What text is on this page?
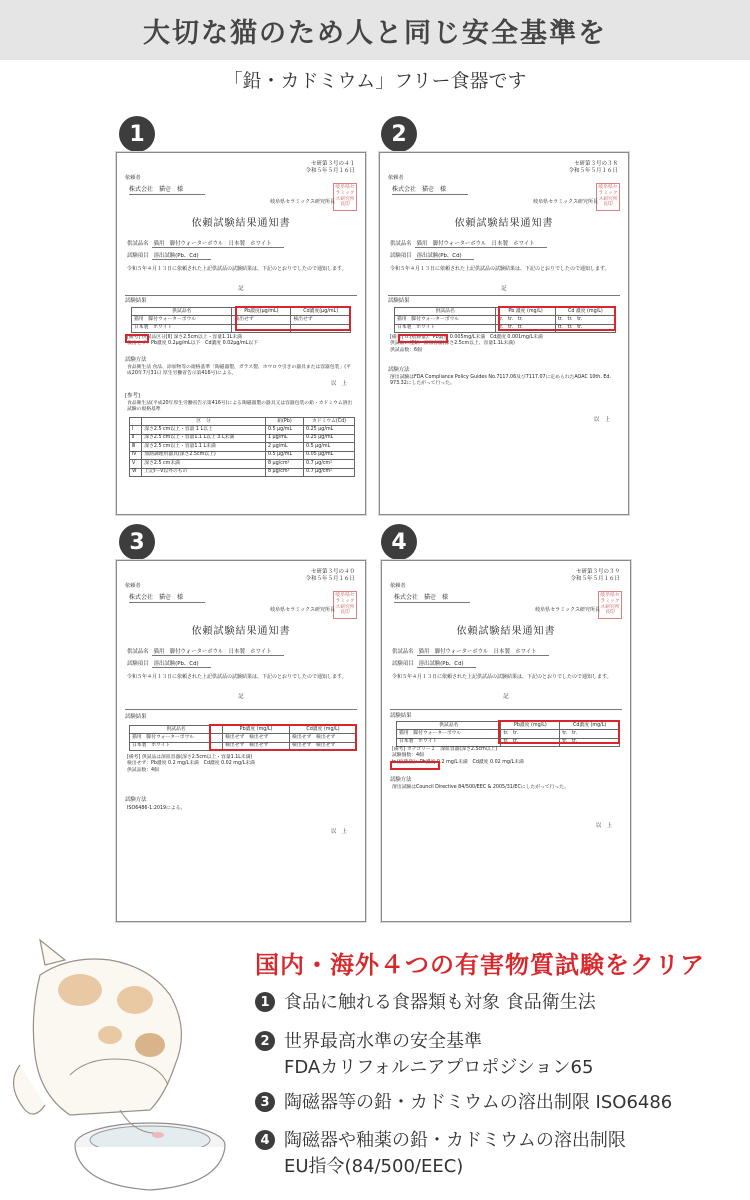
大切な猫のため人と同じ安全基準を
「鉛・カドミウム」フリー食器です
1	2
3	4
セ研第３号の４１
令和５年５月１６日
依頼者
株式会社　猫壱　様	岐阜県セラミックス研究所長印
岐阜県セラミックス研究所長
依頼試験結果通知書
供試品名 猫用　脚付ウォーターボウル　日本製　ホワイト
試験項目 溶出試験(Pb、Cd)
令和５年４月１３日に依頼された上記供試品の試験結果は、下記のとおりでしたので通知します。
記
試験結果
供試品名	Pb濃度(μg/mL)	Cd濃度(μg/mL)
猫用　脚付ウォーターボウル	検出せず	検出せず
日本製　ホワイト		
[備考] 供試品区分[Ⅱ] 深さ2.5cm以上・容量1.1L未満
検出せず：Pb濃度 0.2μg/mL以下　Cd濃度 0.02μg/mL以下
試験方法
食品衛生法 食品、添加物等の規格基準「陶磁器製、ガラス製、ホウロウ引きの器具または容器包装」(平成20年7月31日 厚生労働省告示第416号)による。
以　上
[参考]
食品衛生法(平成20年厚生労働省告示第416号)による陶磁器製の器具又は容器包装の鉛・カドミウム溶出試験の規格基準
	区　分	鉛(Pb)	カドミウム(Cd)
Ⅰ	深さ2.5 cm以上・容量 1 L以上	0.5 μg/mL	0.25 μg/mL
Ⅱ	深さ2.5 cm以上・容量1.1 L以上 3 L未満	1 μg/mL	0.25 μg/mL
Ⅲ	深さ2.5 cm以上・容量1.1 L未満	2 μg/mL	0.5 μg/mL
Ⅳ	加熱調理用器具(深さ2.5cm以上)	0.5 μg/mL	0.05 μg/mL
Ⅴ	深さ2.5 cm未満	8 μg/cm²	0.7 μg/cm²
Ⅵ	上記Ⅰ〜Ⅴ以外のもの	8 μg/cm²	0.7 μg/cm²
セ研第３号の３８
令和５年５月１６日
依頼者
株式会社　猫壱　様	岐阜県セラミックス研究所長印
岐阜県セラミックス研究所長
依頼試験結果通知書
供試品名 猫用　脚付ウォーターボウル　日本製　ホワイト
試験項目 溶出試験(Pb、Cd)
令和５年４月１３日に依頼された上記供試品の試験結果は、下記のとおりでしたので通知します。
記
試験結果
供試品名	Pb 濃度 (mg/L)	Cd 濃度 (mg/L)
猫用　脚付ウォーターボウル	tr.　tr.　tr.	tr.　tr.　tr.
日本製　ホワイト	tr.　tr.　tr.	tr.　tr.　tr.
[備考] tr.(痕跡量)：Pb濃度 0.005mg/L未満　Cd濃度 0.001mg/L未満
供試品の種類：深皿容器(深さ2.5cm以上、容量1.1L未満)
供試品数：6個
試験方法
溶出試験はFDA Compliance Policy Guides No.7117.06及び7117.07に定められたAOAC 10th. Ed. 973.32にしたがって行った。
以　上
セ研第３号の４０
令和５年５月１６日
依頼者
株式会社　猫壱　様	岐阜県セラミックス研究所長印
岐阜県セラミックス研究所長
依頼試験結果通知書
供試品名 猫用　脚付ウォーターボウル　日本製　ホワイト
試験項目 溶出試験(Pb、Cd)
令和５年４月１３日に依頼された上記供試品の試験結果は、下記のとおりでしたので通知します。
記
試験結果
供試品名	Pb濃度 (mg/L)	Cd濃度 (mg/L)
猫用　脚付ウォーターボウル	検出せず　検出せず	検出せず　検出せず
日本製　ホワイト	検出せず　検出せず	検出せず　検出せず
[備考] 供試品は深皿容器(深さ2.5cm以上・容量1.1L未満)
検出せず：Pb濃度 0.2 mg/L未満　Cd濃度 0.02 mg/L未満
供試品数：4個
試験方法
ISO6486-1:2019による。
以　上
セ研第３号の３９
令和５年５月１６日
依頼者
株式会社　猫壱　様	岐阜県セラミックス研究所長印
岐阜県セラミックス研究所長
依頼試験結果通知書
供試品名 猫用　脚付ウォーターボウル　日本製　ホワイト
試験項目 溶出試験(Pb、Cd)
令和５年４月１３日に依頼された上記供試品の試験結果は、下記のとおりでしたので通知します。
記
試験結果
供試品名	Pb濃度 (mg/L)	Cd濃度 (mg/L)
猫用　脚付ウォーターボウル	tr.　tr.	tr.　tr.
日本製　ホワイト	tr.　tr.	tr.　tr.
[備考] カテゴリー２　深皿容器(深さ2.5cm以上)
試験個数：4個
tr.(痕跡量)：Pb濃度 0.2 mg/L未満　Cd濃度 0.02 mg/L未満
試験方法
溶出試験はCouncil Directive 84/500/EEC & 2005/31/ECにしたがって行った。
以　上
国内・海外４つの有害物質試験をクリア
1 食品に触れる食器類も対象 食品衛生法
2 世界最高水準の安全基準
FDAカリフォルニアプロポジション65
3 陶磁器等の鉛・カドミウムの溶出制限 ISO6486
4 陶磁器や釉薬の鉛・カドミウムの溶出制限
EU指令(84/500/EEC)
